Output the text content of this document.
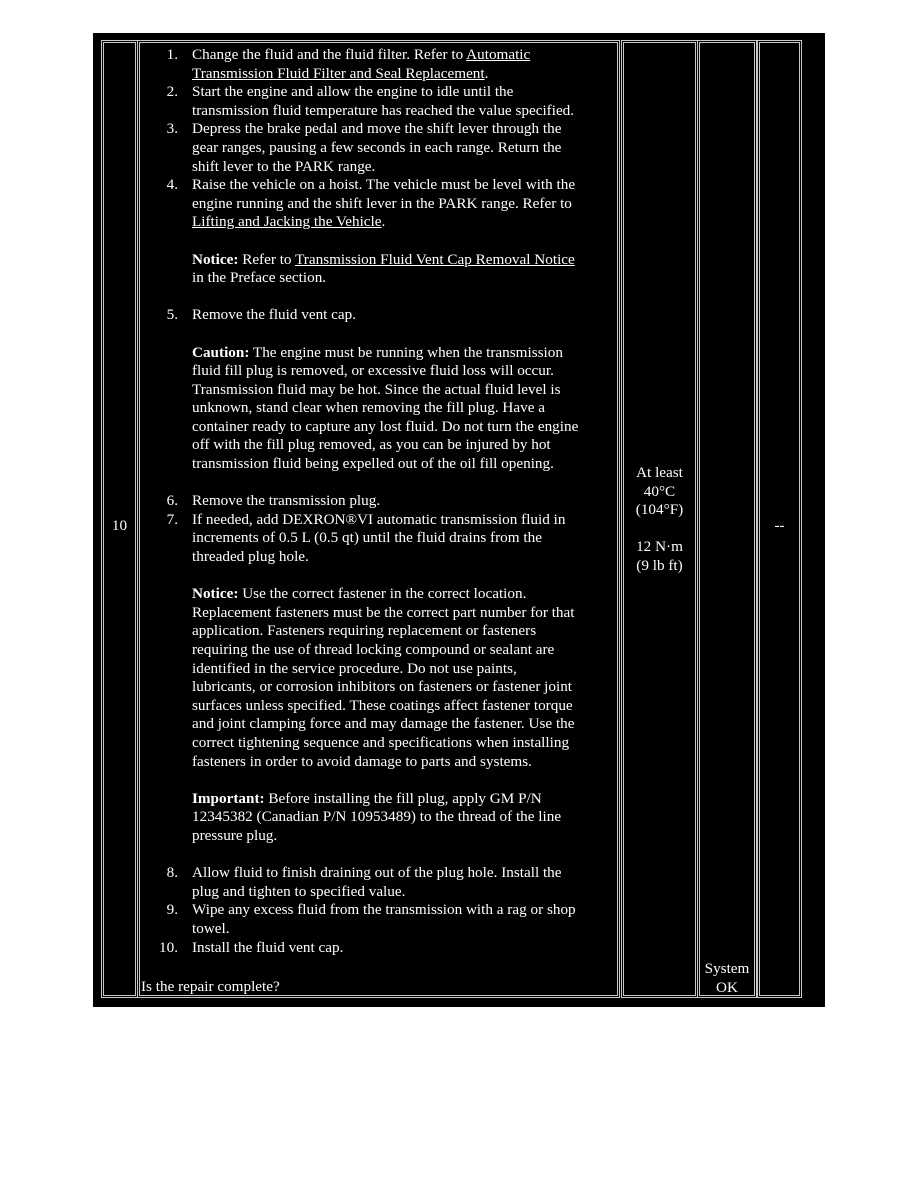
10
1. Change the fluid and the fluid filter. Refer to Automatic Transmission Fluid Filter and Seal Replacement.
2. Start the engine and allow the engine to idle until the transmission fluid temperature has reached the value specified.
3. Depress the brake pedal and move the shift lever through the gear ranges, pausing a few seconds in each range. Return the shift lever to the PARK range.
4. Raise the vehicle on a hoist. The vehicle must be level with the engine running and the shift lever in the PARK range. Refer to Lifting and Jacking the Vehicle.
Notice: Refer to Transmission Fluid Vent Cap Removal Notice in the Preface section.
5. Remove the fluid vent cap.
Caution: The engine must be running when the transmission fluid fill plug is removed, or excessive fluid loss will occur. Transmission fluid may be hot. Since the actual fluid level is unknown, stand clear when removing the fill plug. Have a container ready to capture any lost fluid. Do not turn the engine off with the fill plug removed, as you can be injured by hot transmission fluid being expelled out of the oil fill opening.
6. Remove the transmission plug.
7. If needed, add DEXRON®VI automatic transmission fluid in increments of 0.5 L (0.5 qt) until the fluid drains from the threaded plug hole.
Notice: Use the correct fastener in the correct location. Replacement fasteners must be the correct part number for that application. Fasteners requiring replacement or fasteners requiring the use of thread locking compound or sealant are identified in the service procedure. Do not use paints, lubricants, or corrosion inhibitors on fasteners or fastener joint surfaces unless specified. These coatings affect fastener torque and joint clamping force and may damage the fastener. Use the correct tightening sequence and specifications when installing fasteners in order to avoid damage to parts and systems.
Important: Before installing the fill plug, apply GM P/N 12345382 (Canadian P/N 10953489) to the thread of the line pressure plug.
8. Allow fluid to finish draining out of the plug hole. Install the plug and tighten to specified value.
9. Wipe any excess fluid from the transmission with a rag or shop towel.
10. Install the fluid vent cap.
Is the repair complete?
At least
40°C
(104°F)

12 N·m
(9 lb ft)
System
OK
--
